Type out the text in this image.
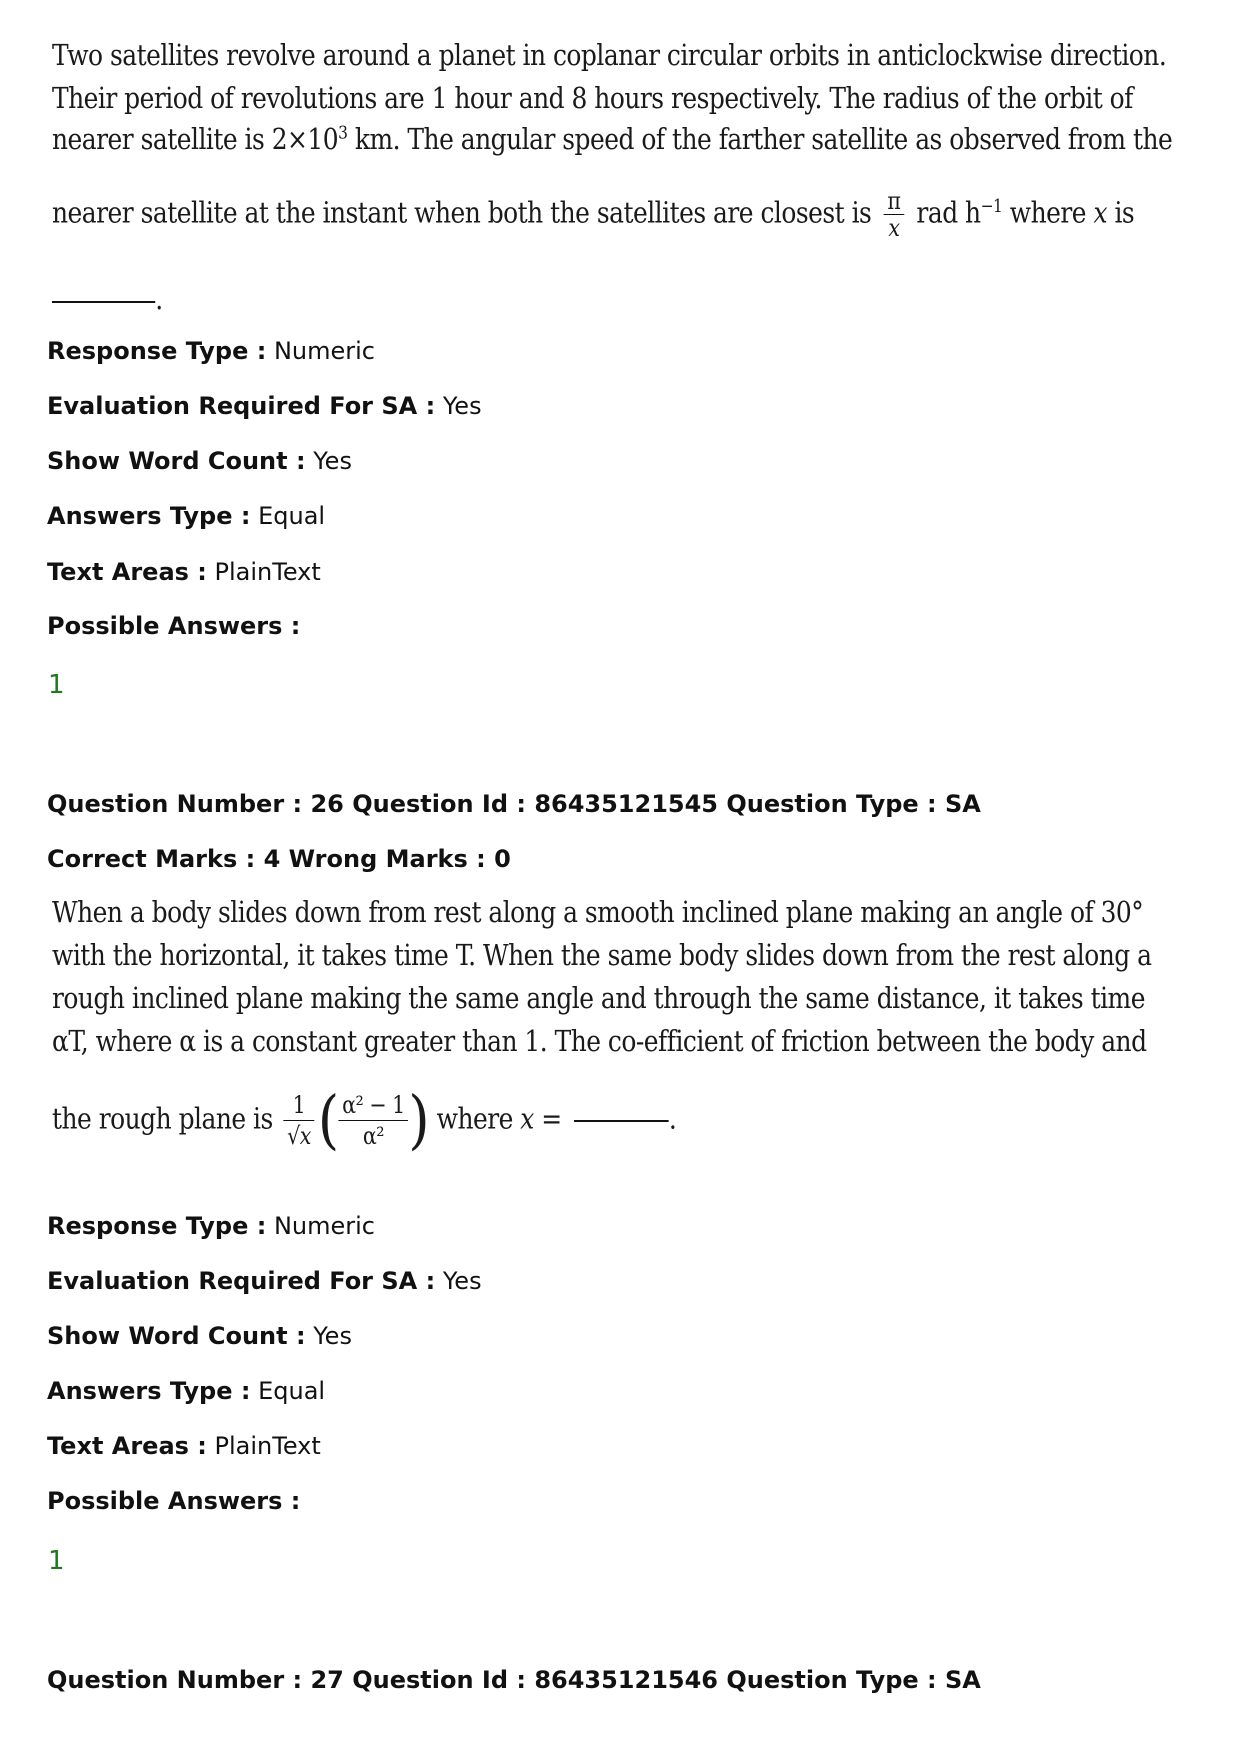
Two satellites revolve around a planet in coplanar circular orbits in anticlockwise direction.
Their period of revolutions are 1 hour and 8 hours respectively. The radius of the orbit of
nearer satellite is $2\times 10^3$ km. The angular speed of the farther satellite as observed from the
nearer satellite at the instant when both the satellites are closest is $\frac{\pi}{x}$ rad $h^{-1}$ where x is
.
Response Type : Numeric
Evaluation Required For SA : Yes
Show Word Count : Yes
Answers Type : Equal
Text Areas : PlainText
Possible Answers :
1
Question Number : 26 Question Id : 86435121545 Question Type : SA
Correct Marks : 4 Wrong Marks : 0
When a body slides down from rest along a smooth inclined plane making an angle of 30°
with the horizontal, it takes time T. When the same body slides down from the rest along a
rough inclined plane making the same angle and through the same distance, it takes time
αT, where α is a constant greater than 1. The co-efficient of friction between the body and
the rough plane is $\frac{1}{√x}$ ( $\frac{\text{α² − 1}}{\text{α²}}$ ) where x =	.
Response Type : Numeric
Evaluation Required For SA : Yes
Show Word Count : Yes
Answers Type : Equal
Text Areas : PlainText
Possible Answers :
1
Question Number : 27 Question Id : 86435121546 Question Type : SA
